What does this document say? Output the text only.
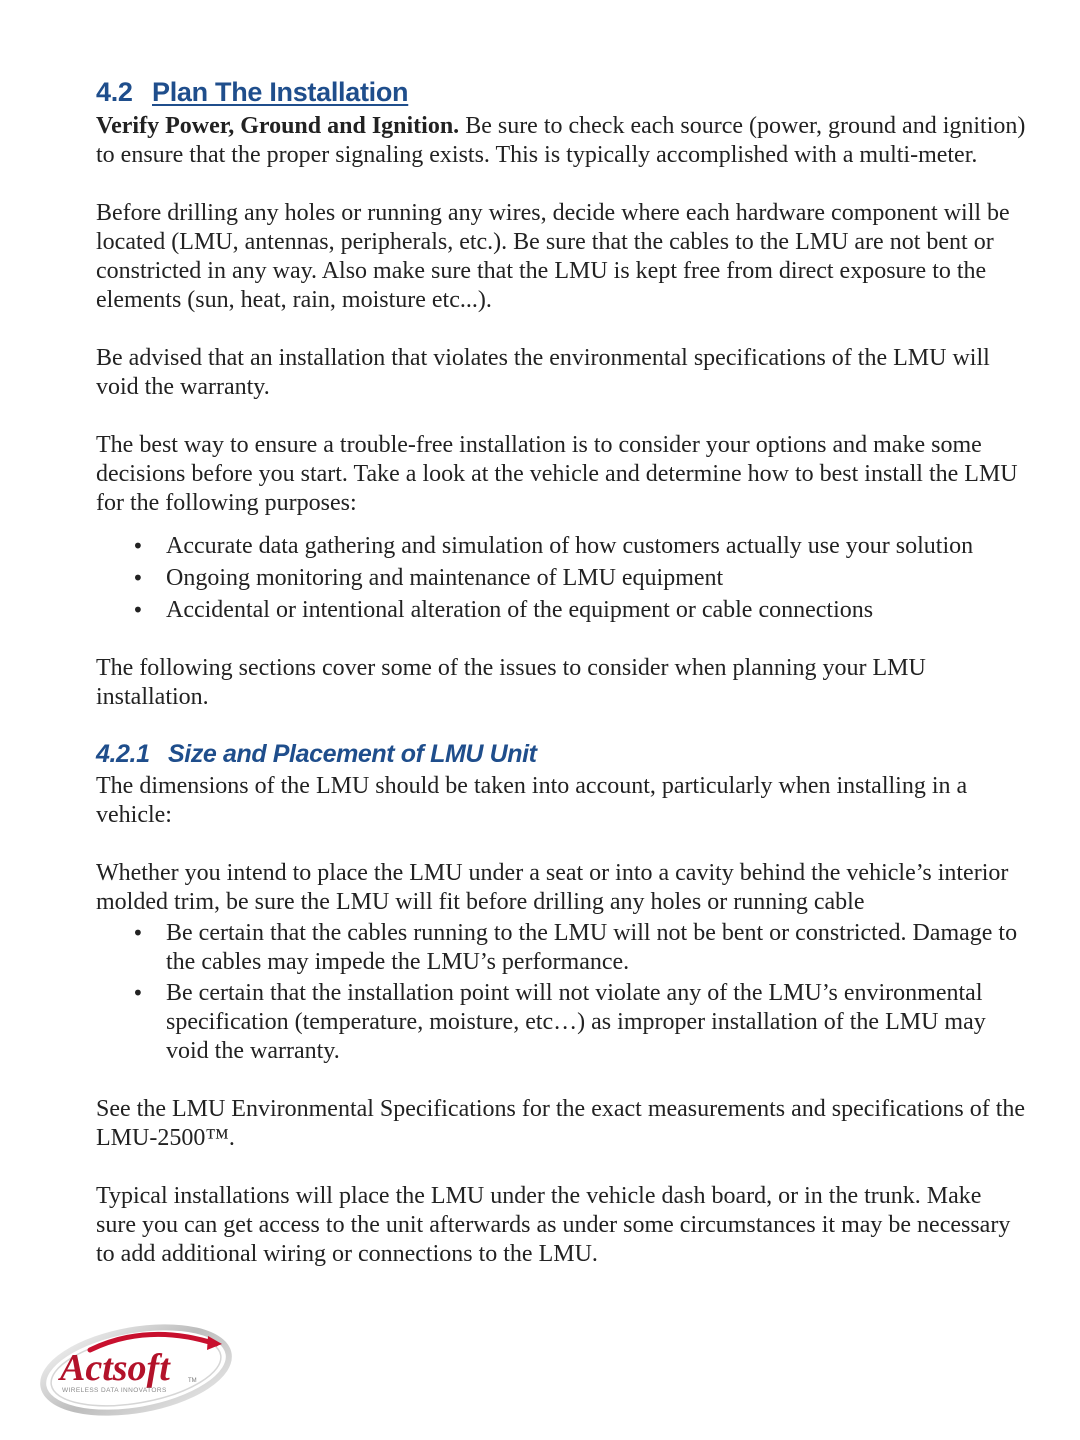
4.2 Plan The Installation

Verify Power, Ground and Ignition. Be sure to check each source (power, ground and ignition) to ensure that the proper signaling exists. This is typically accomplished with a multi-meter.

Before drilling any holes or running any wires, decide where each hardware component will be located (LMU, antennas, peripherals, etc.). Be sure that the cables to the LMU are not bent or constricted in any way. Also make sure that the LMU is kept free from direct exposure to the elements (sun, heat, rain, moisture etc...).

Be advised that an installation that violates the environmental specifications of the LMU will void the warranty.

The best way to ensure a trouble-free installation is to consider your options and make some decisions before you start. Take a look at the vehicle and determine how to best install the LMU for the following purposes:

• Accurate data gathering and simulation of how customers actually use your solution
• Ongoing monitoring and maintenance of LMU equipment
• Accidental or intentional alteration of the equipment or cable connections

The following sections cover some of the issues to consider when planning your LMU installation.

4.2.1 Size and Placement of LMU Unit

The dimensions of the LMU should be taken into account, particularly when installing in a vehicle:

Whether you intend to place the LMU under a seat or into a cavity behind the vehicle’s interior molded trim, be sure the LMU will fit before drilling any holes or running cable

• Be certain that the cables running to the LMU will not be bent or constricted. Damage to the cables may impede the LMU’s performance.
• Be certain that the installation point will not violate any of the LMU’s environmental specification (temperature, moisture, etc…) as improper installation of the LMU may void the warranty.

See the LMU Environmental Specifications for the exact measurements and specifications of the LMU-2500™.

Typical installations will place the LMU under the vehicle dash board, or in the trunk. Make sure you can get access to the unit afterwards as under some circumstances it may be necessary to add additional wiring or connections to the LMU.

Actsoft	TM
WIRELESS DATA INNOVATORS
